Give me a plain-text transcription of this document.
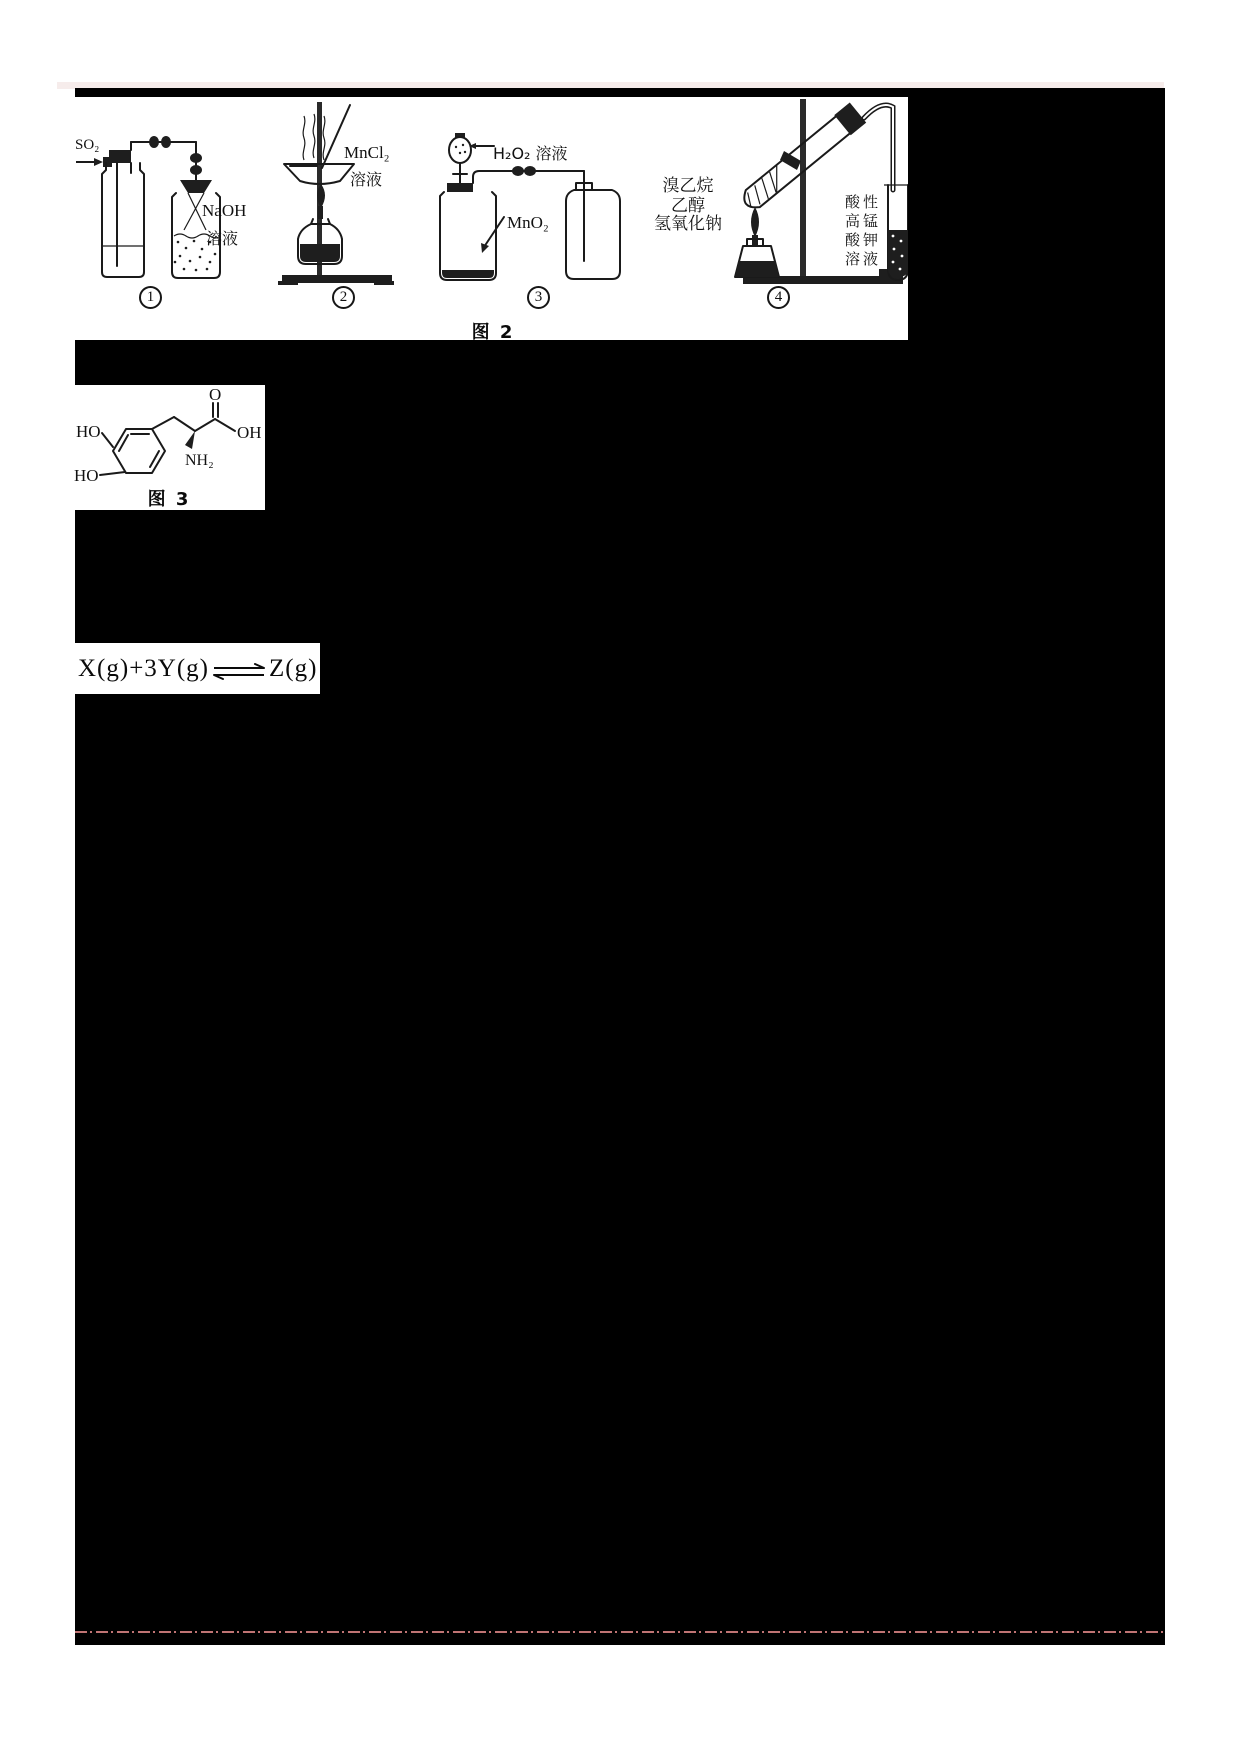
SO₂
NaOH
溶液
MnCl₂
溶液
H₂O₂ 溶液
MnO₂
溴乙烷
乙醇
氢氧化钠
酸性
高锰
酸钾
溶液
1	2	3	4
图 2
O
OH
NH₂
HO
HO
图 3
X(g)+3Y(g) ⇌ Z(g)
